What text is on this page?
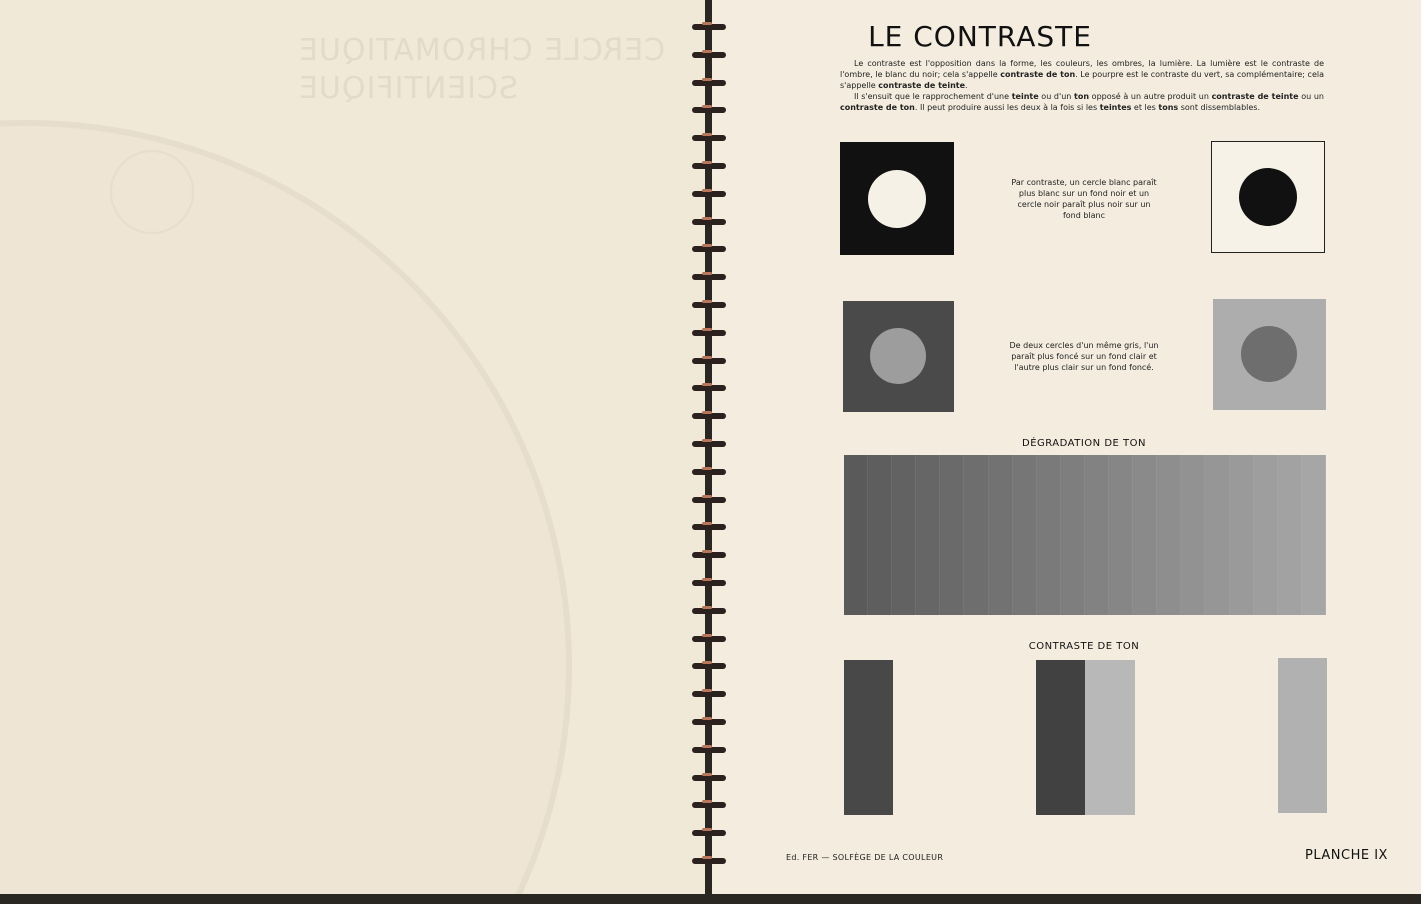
CERCLE CHROMATIQUE
SCIENTIFIQUE
LE CONTRASTE

Le contraste est l'opposition dans la forme, les couleurs, les ombres, la lumière. La lumière est le contraste de l'ombre, le blanc du noir; cela s'appelle contraste de ton. Le pourpre est le contraste du vert, sa complémentaire; cela s'appelle contraste de teinte.

Il s'ensuit que le rapprochement d'une teinte ou d'un ton opposé à un autre produit un contraste de teinte ou un contraste de ton. Il peut produire aussi les deux à la fois si les teintes et les tons sont dissemblables.

Par contraste, un cercle blanc paraît
plus blanc sur un fond noir et un
cercle noir paraît plus noir sur un
fond blanc
De deux cercles d'un même gris, l'un
paraît plus foncé sur un fond clair et
l'autre plus clair sur un fond foncé.
DÉGRADATION DE TON
CONTRASTE DE TON
Ed. FER — SOLFÈGE DE LA COULEUR	PLANCHE IX
